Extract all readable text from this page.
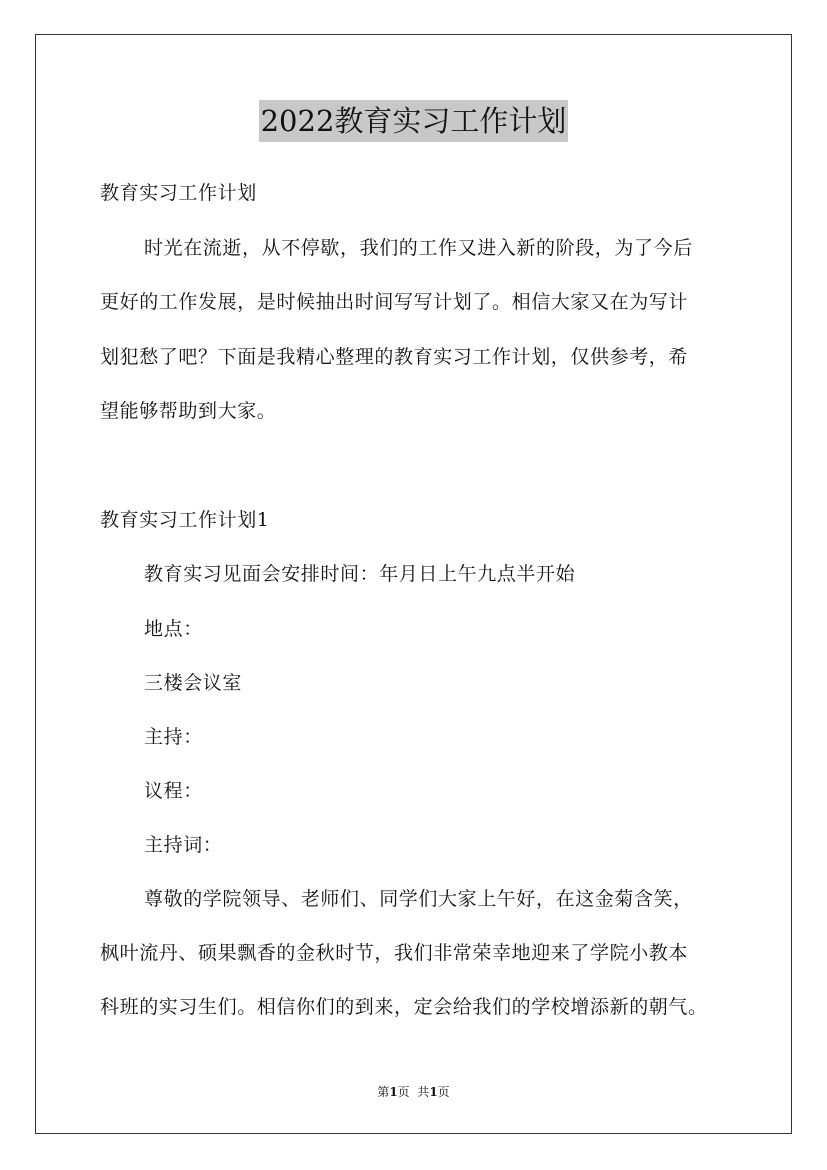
2022教育实习工作计划
教育实习工作计划
时光在流逝，从不停歇，我们的工作又进入新的阶段，为了今后
更好的工作发展，是时候抽出时间写写计划了。相信大家又在为写计
划犯愁了吧？下面是我精心整理的教育实习工作计划，仅供参考，希
望能够帮助到大家。
教育实习工作计划1
教育实习见面会安排时间：年月日上午九点半开始
地点：
三楼会议室
主持：
议程：
主持词：
尊敬的学院领导、老师们、同学们大家上午好，在这金菊含笑，
枫叶流丹、硕果飘香的金秋时节，我们非常荣幸地迎来了学院小教本
科班的实习生们。相信你们的到来，定会给我们的学校增添新的朝气。
第1页  共1页
